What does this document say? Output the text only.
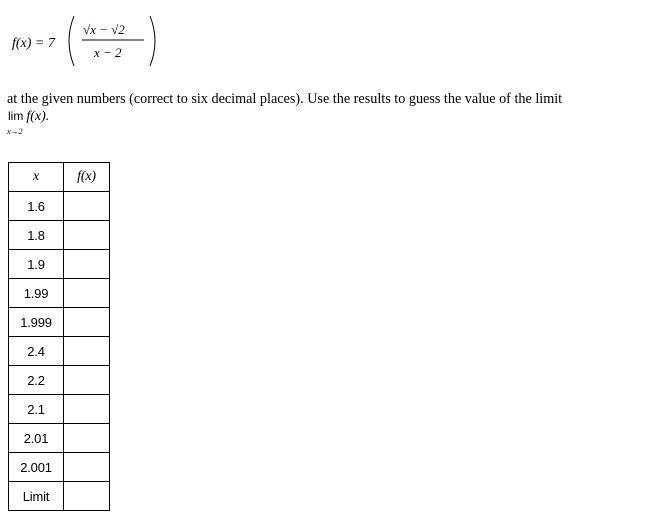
f(x) = 7
√x − √2
x − 2
at the given numbers (correct to six decimal places). Use the results to guess the value of the limit
lim
x→2
f(x).
x	f(x)
1.6	
1.8	
1.9	
1.99	
1.999	
2.4	
2.2	
2.1	
2.01	
2.001	
Limit	
